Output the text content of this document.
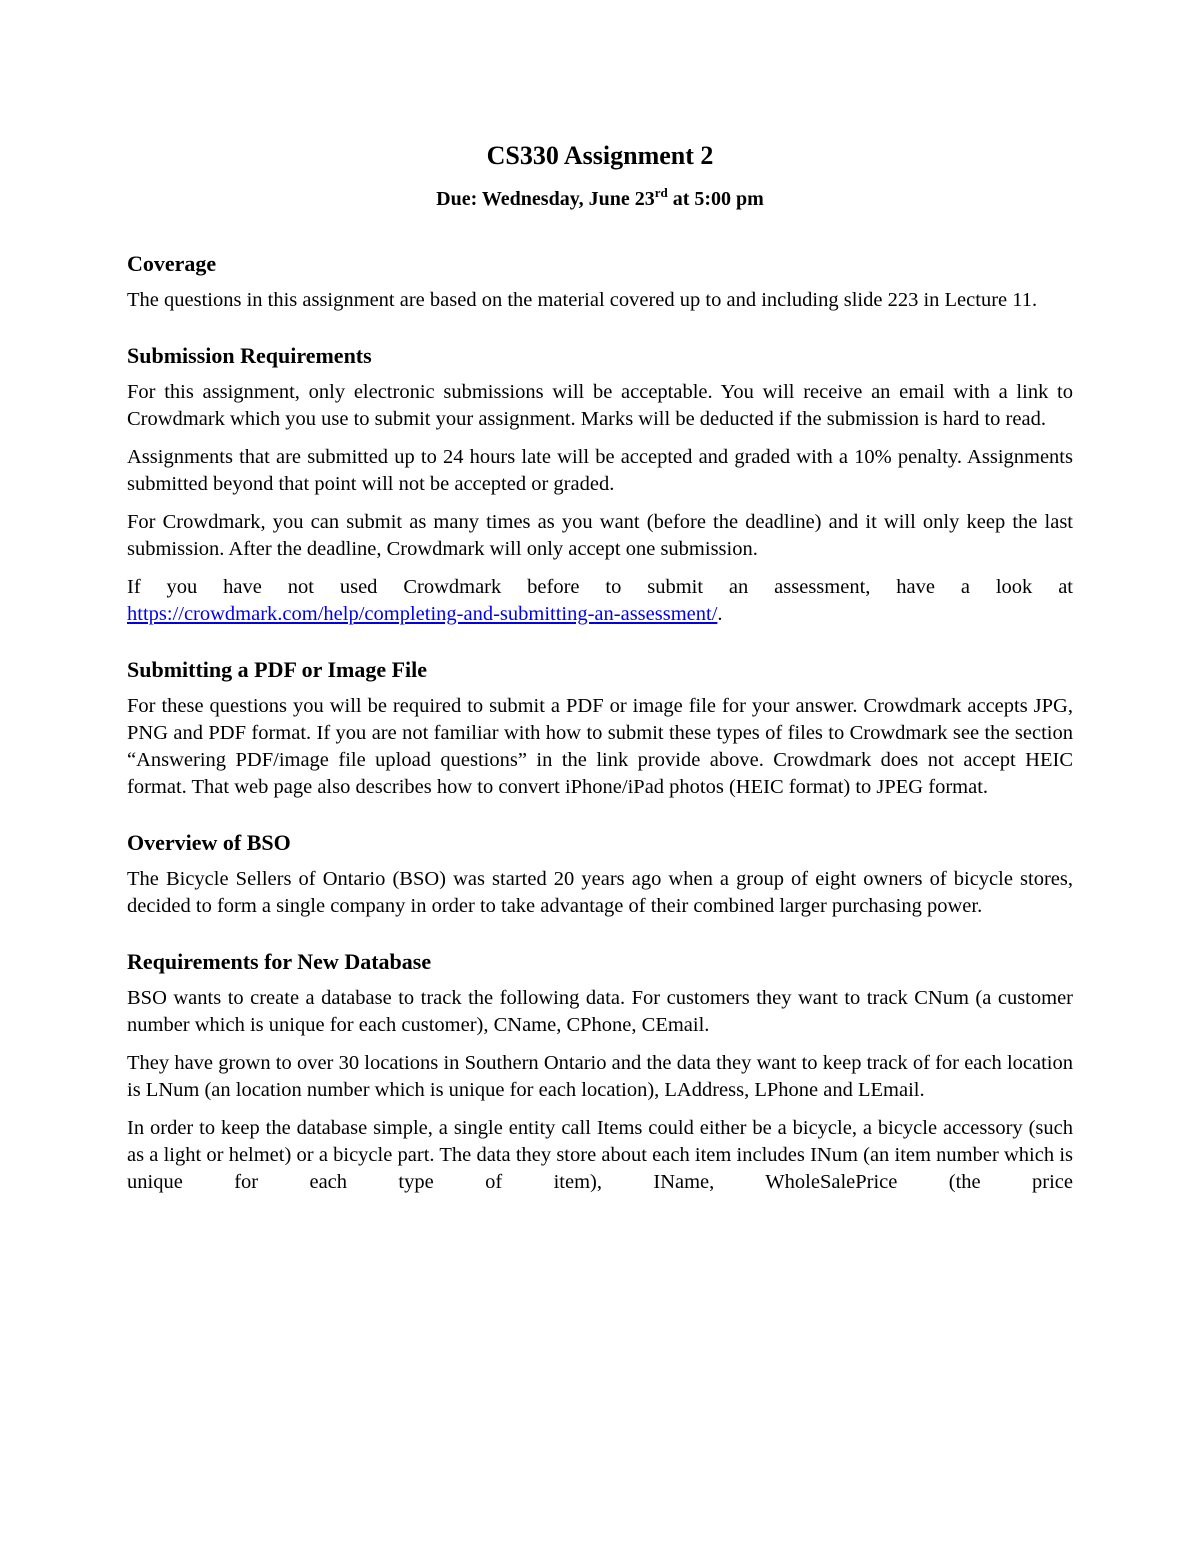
CS330 Assignment 2
Due: Wednesday, June 23rd at 5:00 pm
Coverage

The questions in this assignment are based on the material covered up to and including slide 223 in Lecture 11.

Submission Requirements

For this assignment, only electronic submissions will be acceptable. You will receive an email with a link to Crowdmark which you use to submit your assignment. Marks will be deducted if the submission is hard to read.

Assignments that are submitted up to 24 hours late will be accepted and graded with a 10% penalty. Assignments submitted beyond that point will not be accepted or graded.

For Crowdmark, you can submit as many times as you want (before the deadline) and it will only keep the last submission. After the deadline, Crowdmark will only accept one submission.

If you have not used Crowdmark before to submit an assessment, have a look at
https://crowdmark.com/help/completing-and-submitting-an-assessment/.

Submitting a PDF or Image File

For these questions you will be required to submit a PDF or image file for your answer. Crowdmark accepts JPG, PNG and PDF format. If you are not familiar with how to submit these types of files to Crowdmark see the section “Answering PDF/image file upload questions” in the link provide above. Crowdmark does not accept HEIC format. That web page also describes how to convert iPhone/iPad photos (HEIC format) to JPEG format.

Overview of BSO

The Bicycle Sellers of Ontario (BSO) was started 20 years ago when a group of eight owners of bicycle stores, decided to form a single company in order to take advantage of their combined larger purchasing power.

Requirements for New Database

BSO wants to create a database to track the following data. For customers they want to track CNum (a customer number which is unique for each customer), CName, CPhone, CEmail.

They have grown to over 30 locations in Southern Ontario and the data they want to keep track of for each location is LNum (an location number which is unique for each location), LAddress, LPhone and LEmail.

In order to keep the database simple, a single entity call Items could either be a bicycle, a bicycle accessory (such as a light or helmet) or a bicycle part. The data they store about each item includes INum (an item number which is unique for each type of item), IName, WholeSalePrice (the price
